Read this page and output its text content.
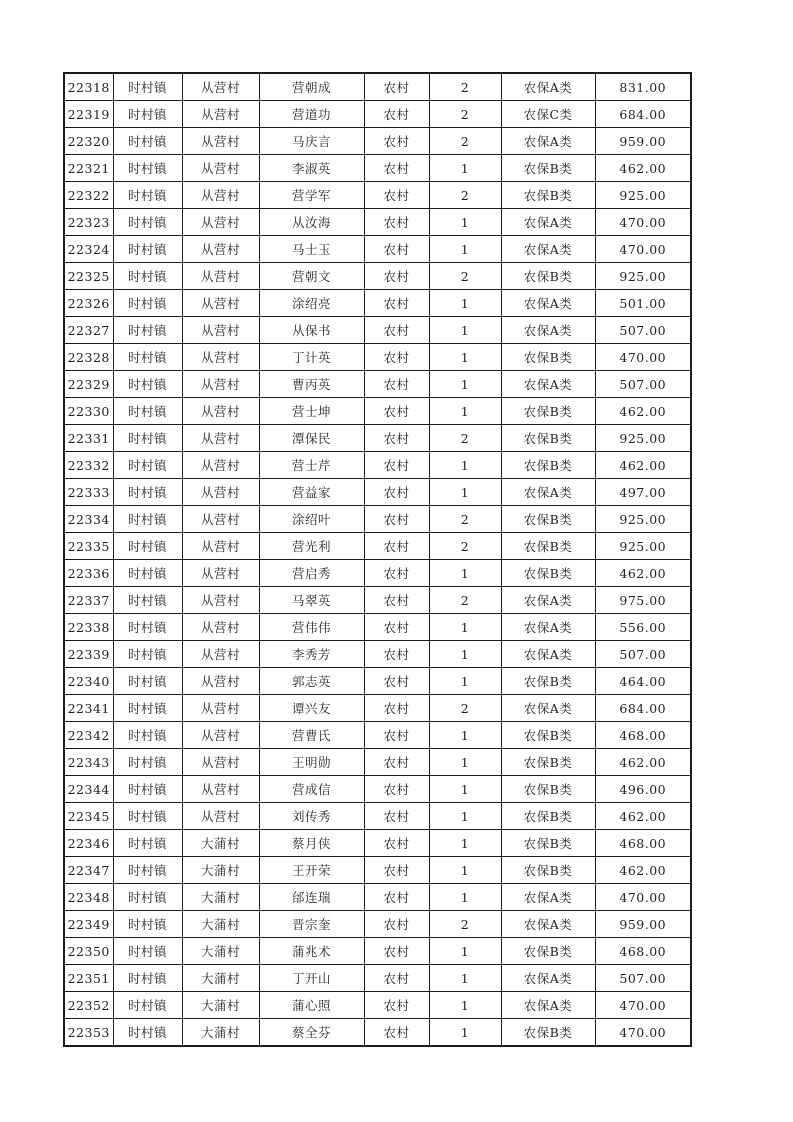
22318	时村镇	从营村	营朝成	农村	2	农保A类	831.00
22319	时村镇	从营村	营道功	农村	2	农保C类	684.00
22320	时村镇	从营村	马庆言	农村	2	农保A类	959.00
22321	时村镇	从营村	李淑英	农村	1	农保B类	462.00
22322	时村镇	从营村	营学军	农村	2	农保B类	925.00
22323	时村镇	从营村	从汝海	农村	1	农保A类	470.00
22324	时村镇	从营村	马士玉	农村	1	农保A类	470.00
22325	时村镇	从营村	营朝文	农村	2	农保B类	925.00
22326	时村镇	从营村	涂绍亮	农村	1	农保A类	501.00
22327	时村镇	从营村	从保书	农村	1	农保A类	507.00
22328	时村镇	从营村	丁计英	农村	1	农保B类	470.00
22329	时村镇	从营村	曹丙英	农村	1	农保A类	507.00
22330	时村镇	从营村	营士坤	农村	1	农保B类	462.00
22331	时村镇	从营村	潭保民	农村	2	农保B类	925.00
22332	时村镇	从营村	营士芹	农村	1	农保B类	462.00
22333	时村镇	从营村	营益家	农村	1	农保A类	497.00
22334	时村镇	从营村	涂绍叶	农村	2	农保B类	925.00
22335	时村镇	从营村	营光利	农村	2	农保B类	925.00
22336	时村镇	从营村	营启秀	农村	1	农保B类	462.00
22337	时村镇	从营村	马翠英	农村	2	农保A类	975.00
22338	时村镇	从营村	营伟伟	农村	1	农保A类	556.00
22339	时村镇	从营村	李秀芳	农村	1	农保A类	507.00
22340	时村镇	从营村	郭志英	农村	1	农保B类	464.00
22341	时村镇	从营村	谭兴友	农村	2	农保A类	684.00
22342	时村镇	从营村	营曹氏	农村	1	农保B类	468.00
22343	时村镇	从营村	王明勋	农村	1	农保B类	462.00
22344	时村镇	从营村	营成信	农村	1	农保B类	496.00
22345	时村镇	从营村	刘传秀	农村	1	农保B类	462.00
22346	时村镇	大蒲村	蔡月侠	农村	1	农保B类	468.00
22347	时村镇	大蒲村	王开荣	农村	1	农保B类	462.00
22348	时村镇	大蒲村	邰连瑞	农村	1	农保A类	470.00
22349	时村镇	大蒲村	晋宗奎	农村	2	农保A类	959.00
22350	时村镇	大蒲村	蒲兆术	农村	1	农保B类	468.00
22351	时村镇	大蒲村	丁开山	农村	1	农保A类	507.00
22352	时村镇	大蒲村	蒲心照	农村	1	农保A类	470.00
22353	时村镇	大蒲村	蔡全芬	农村	1	农保B类	470.00
